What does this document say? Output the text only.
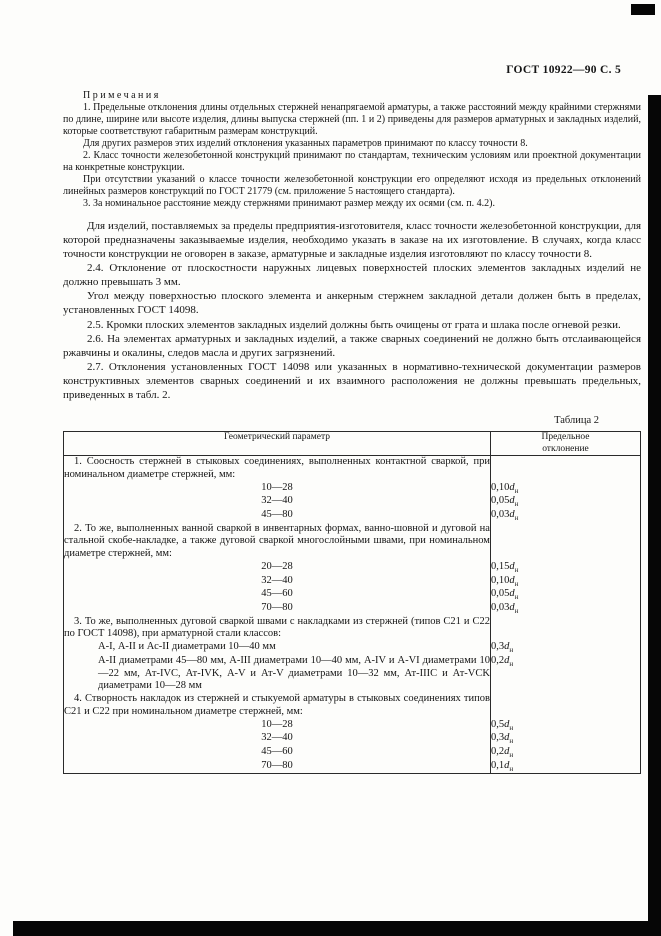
ГОСТ 10922—90 С. 5

Примечания

1. Предельные отклонения длины отдельных стержней ненапрягаемой арматуры, а также расстояний между крайними стержнями по длине, ширине или высоте изделия, длины выпуска стержней (пп. 1 и 2) приведены для размеров арматурных и закладных изделий, которые соответствуют габаритным размерам конструкций.

Для других размеров этих изделий отклонения указанных параметров принимают по классу точности 8.

2. Класс точности железобетонной конструкций принимают по стандартам, техническим условиям или проектной документации на конкретные конструкции.

При отсутствии указаний о классе точности железобетонной конструкции его определяют исходя из предельных отклонений линейных размеров конструкций по ГОСТ 21779 (см. приложение 5 настоящего стандарта).

3. За номинальное расстояние между стержнями принимают размер между их осями (см. п. 4.2).

Для изделий, поставляемых за пределы предприятия-изготовителя, класс точности железобетонной конструкции, для которой предназначены заказываемые изделия, необходимо указать в заказе на их изготовление. В случаях, когда класс точности конструкции не оговорен в заказе, арматурные и закладные изделия изготовляют по классу точности 8.

2.4. Отклонение от плоскостности наружных лицевых поверхностей плоских элементов закладных изделий не должно превышать 3 мм.

Угол между поверхностью плоского элемента и анкерным стержнем закладной детали должен быть в пределах, установленных ГОСТ 14098.

2.5. Кромки плоских элементов закладных изделий должны быть очищены от грата и шлака после огневой резки.

2.6. На элементах арматурных и закладных изделий, а также сварных соединений не должно быть отслаивающейся ржавчины и окалины, следов масла и других загрязнений.

2.7. Отклонения установленных ГОСТ 14098 или указанных в нормативно-технической документации размеров конструктивных элементов сварных соединений и их взаимного расположения не должны превышать предельных, приведенных в табл. 2.

Таблица 2
Геометрический параметр	Предельное отклонение

1. Соосность стержней в стыковых соединениях, выполненных контактной сваркой, при номинальном диаметре стержней, мм:	
10—28	$0,10d_н$
32—40	$0,05d_н$
45—80	$0,03d_н$
2. То же, выполненных ванной сваркой в инвентарных формах, ванно-шовной и дуговой на стальной скобе-накладке, а также дуговой сваркой многослойными швами, при номинальном диаметре стержней, мм:	
20—28	$0,15d_н$
32—40	$0,10d_н$
45—60	$0,05d_н$
70—80	$0,03d_н$
3. То же, выполненных дуговой сваркой швами с накладками из стержней (типов С21 и С22 по ГОСТ 14098), при арматурной стали классов:	
А-I, А-II и Ас-II диаметрами 10—40 мм	$0,3d_н$
А-II диаметрами 45—80 мм, А-III диаметрами 10—40 мм, А-IV и А-VI диаметрами 10—22 мм, Ат-IVC, Ат-IVK, А-V и Ат-V диаметрами 10—32 мм, Ат-IIIC и Ат-VCK диаметрами 10—28 мм	$0,2d_н$
4. Створность накладок из стержней и стыкуемой арматуры в стыковых соединениях типов С21 и С22 при номинальном диаметре стержней, мм:	
10—28	$0,5d_н$
32—40	$0,3d_н$
45—60	$0,2d_н$
70—80	$0,1d_н$
